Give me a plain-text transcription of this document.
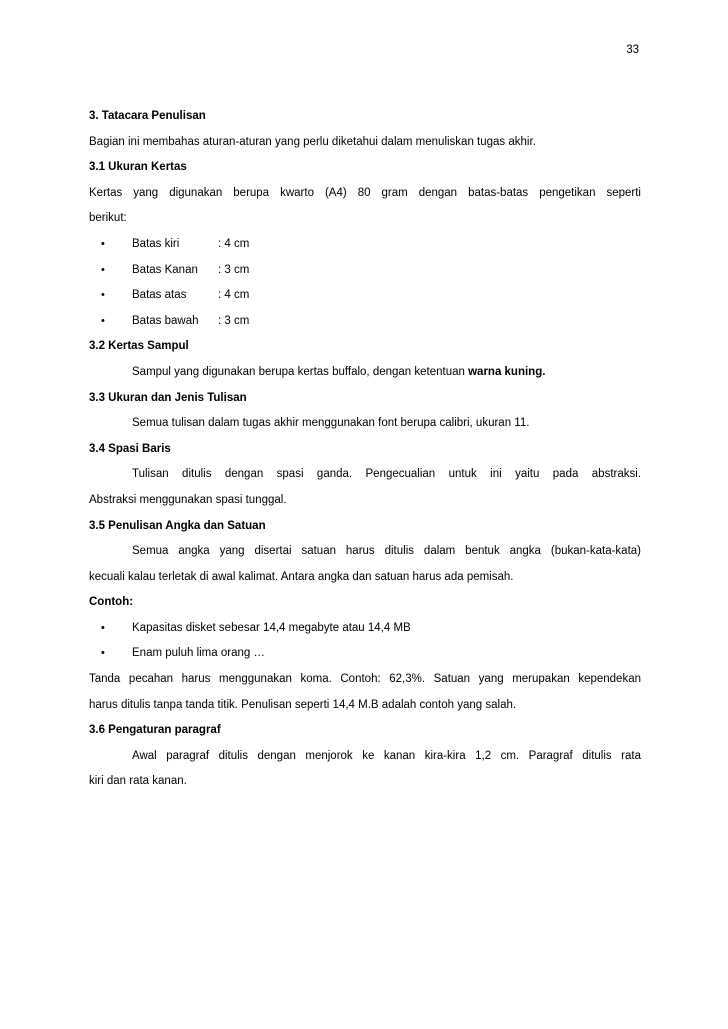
33
3. Tatacara Penulisan
Bagian ini membahas aturan-aturan yang perlu diketahui dalam menuliskan tugas akhir.
3.1 Ukuran Kertas
Kertas yang digunakan berupa kwarto (A4) 80 gram dengan batas-batas pengetikan seperti
berikut:
• Batas kiri	: 4 cm
• Batas Kanan : 3 cm
• Batas atas	: 4 cm
• Batas bawah : 3 cm
3.2 Kertas Sampul
Sampul yang digunakan berupa kertas buffalo, dengan ketentuan warna kuning.
3.3 Ukuran dan Jenis Tulisan
Semua tulisan dalam tugas akhir menggunakan font berupa calibri, ukuran 11.
3.4 Spasi Baris
Tulisan ditulis dengan spasi ganda. Pengecualian untuk ini yaitu pada abstraksi.
Abstraksi menggunakan spasi tunggal.
3.5 Penulisan Angka dan Satuan
Semua angka yang disertai satuan harus ditulis dalam bentuk angka (bukan-kata-kata)
kecuali kalau terletak di awal kalimat. Antara angka dan satuan harus ada pemisah.
Contoh:
• Kapasitas disket sebesar 14,4 megabyte atau 14,4 MB
• Enam puluh lima orang …
Tanda pecahan harus menggunakan koma. Contoh: 62,3%. Satuan yang merupakan kependekan
harus ditulis tanpa tanda titik. Penulisan seperti 14,4 M.B adalah contoh yang salah.
3.6 Pengaturan paragraf
Awal paragraf ditulis dengan menjorok ke kanan kira-kira 1,2 cm. Paragraf ditulis rata
kiri dan rata kanan.
